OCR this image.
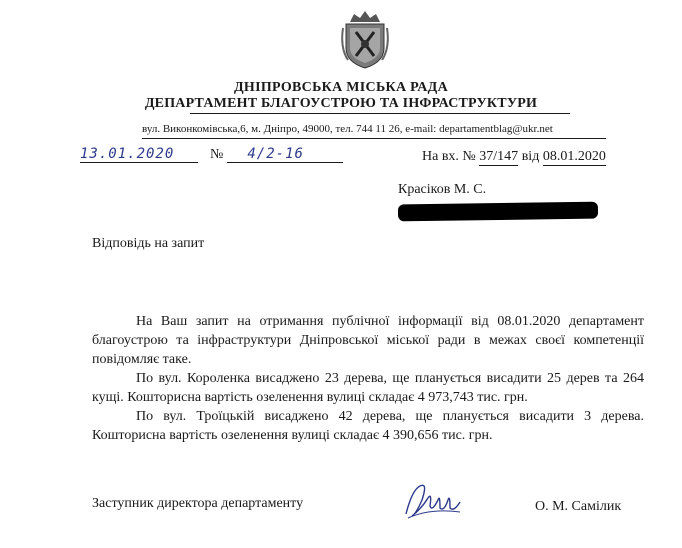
ДНІПРОВСЬКА МІСЬКА РАДА
ДЕПАРТАМЕНТ БЛАГОУСТРОЮ ТА ІНФРАСТРУКТУРИ
вул. Виконкомівська,6, м. Дніпро, 49000, тел. 744 11 26, e-mail: departamentblag@ukr.net
13.01.2020	№ 4/2-16	На вх. № 37/147 від 08.01.2020
Красіков М. С.
Відповідь на запит
На Ваш запит на отримання публічної інформації від 08.01.2020 департамент благоустрою та інфраструктури Дніпровської міської ради в межах своєї компетенції повідомляє таке.
По вул. Короленка висаджено 23 дерева, ще планується висадити 25 дерев та 264 кущі. Кошторисна вартість озеленення вулиці складає 4 973,743 тис. грн.
По вул. Троїцькій висаджено 42 дерева, ще планується висадити 3 дерева. Кошторисна вартість озеленення вулиці складає 4 390,656 тис. грн.
Заступник директора департаменту	О. М. Самілик
